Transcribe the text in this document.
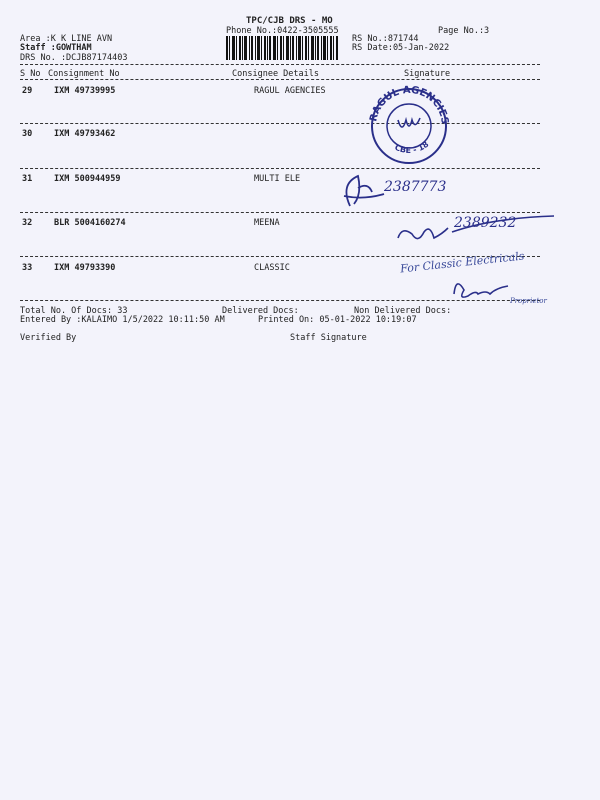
TPC/CJB DRS - MO
Phone No.:0422-3505555	Page No.:3
Area :K K LINE AVN
Staff :GOWTHAM
DRS No. :DCJB87174403
RS No.:871744
RS Date:05-Jan-2022
S No Consignment No	Consignee Details	Signature
29	IXM 49739995	RAGUL AGENCIES
30	IXM 49793462
31	IXM 500944959	MULTI ELE
32	BLR 5004160274	MEENA
33	IXM 49793390	CLASSIC
Total No. Of Docs: 33	Delivered Docs:	Non Delivered Docs:
Entered By :KALAIMO 1/5/2022 10:11:50 AM	Printed On: 05-01-2022 10:19:07
Verified By	Staff Signature
RAGUL AGENCIES
CBE - 18
2387773
2389232
For Classic Electricals
Proprietor
